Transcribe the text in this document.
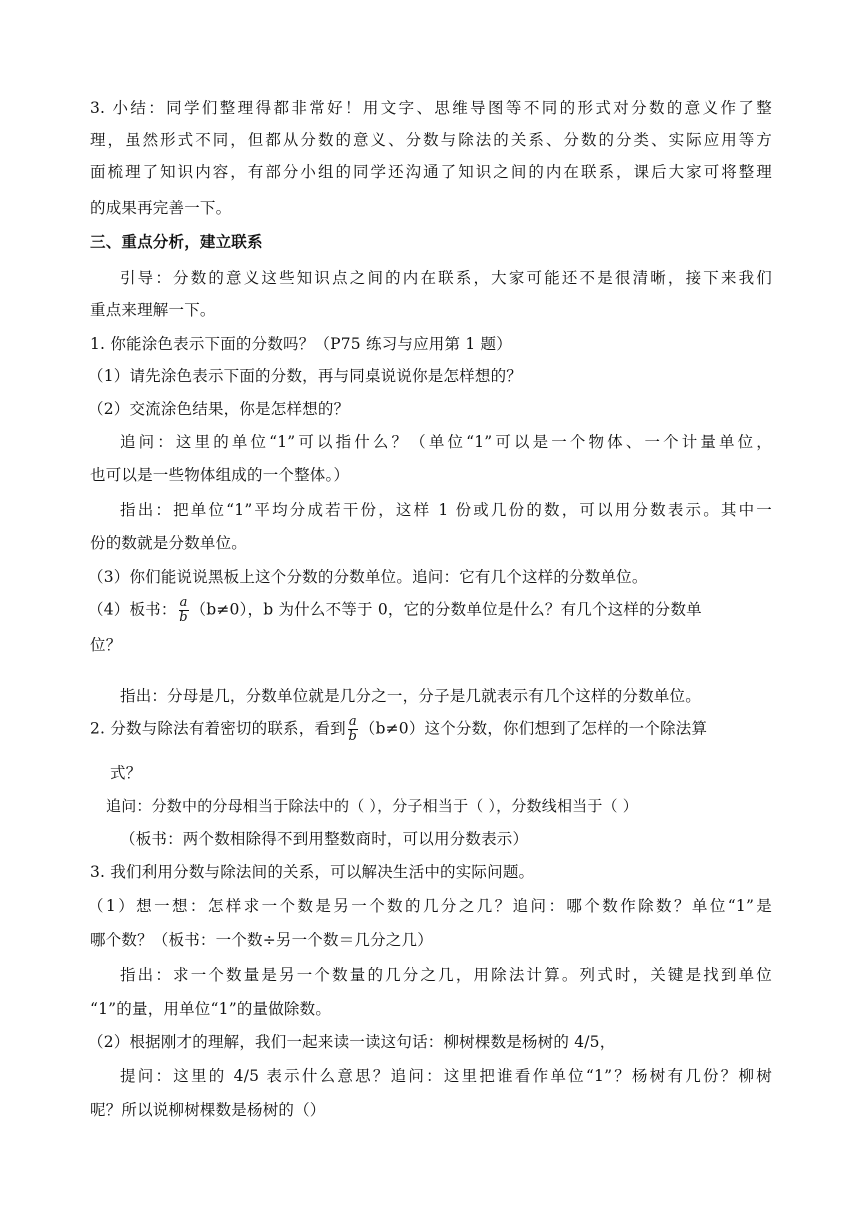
3. 小结：同学们整理得都非常好！用文字、思维导图等不同的形式对分数的意义作了整
理，虽然形式不同，但都从分数的意义、分数与除法的关系、分数的分类、实际应用等方
面梳理了知识内容，有部分小组的同学还沟通了知识之间的内在联系，课后大家可将整理
的成果再完善一下。
三、重点分析，建立联系
引导：分数的意义这些知识点之间的内在联系，大家可能还不是很清晰，接下来我们
重点来理解一下。
1. 你能涂色表示下面的分数吗？（P75 练习与应用第 1 题）
（1）请先涂色表示下面的分数，再与同桌说说你是怎样想的？
（2）交流涂色结果，你是怎样想的？
追问：这里的单位“1”可以指什么？（单位“1”可以是一个物体、一个计量单位，
也可以是一些物体组成的一个整体。）
指出：把单位“1”平均分成若干份，这样 1 份或几份的数，可以用分数表示。其中一
份的数就是分数单位。
（3）你们能说说黑板上这个分数的分数单位。追问：它有几个这样的分数单位。
（4）板书： $\frac{a}{b} (b\ne 0)$，b 为什么不等于 0，它的分数单位是什么？有几个这样的分数单
位？
指出：分母是几，分数单位就是几分之一，分子是几就表示有几个这样的分数单位。
2. 分数与除法有着密切的联系，看到 $\frac{a}{b} (b\ne 0)$这个分数，你们想到了怎样的一个除法算
式？
追问：分数中的分母相当于除法中的（ ），分子相当于（ ），分数线相当于（ ）
（板书：两个数相除得不到用整数商时，可以用分数表示）
3. 我们利用分数与除法间的关系，可以解决生活中的实际问题。
（1）想一想：怎样求一个数是另一个数的几分之几？追问：哪个数作除数？单位“1”是
哪个数？（板书：一个数÷另一个数＝几分之几）
指出：求一个数量是另一个数量的几分之几，用除法计算。列式时，关键是找到单位
“1”的量，用单位“1”的量做除数。
（2）根据刚才的理解，我们一起来读一读这句话：柳树棵数是杨树的 4/5，
提问：这里的 4/5 表示什么意思？追问：这里把谁看作单位“1”？杨树有几份？柳树
呢？所以说柳树棵数是杨树的（）
